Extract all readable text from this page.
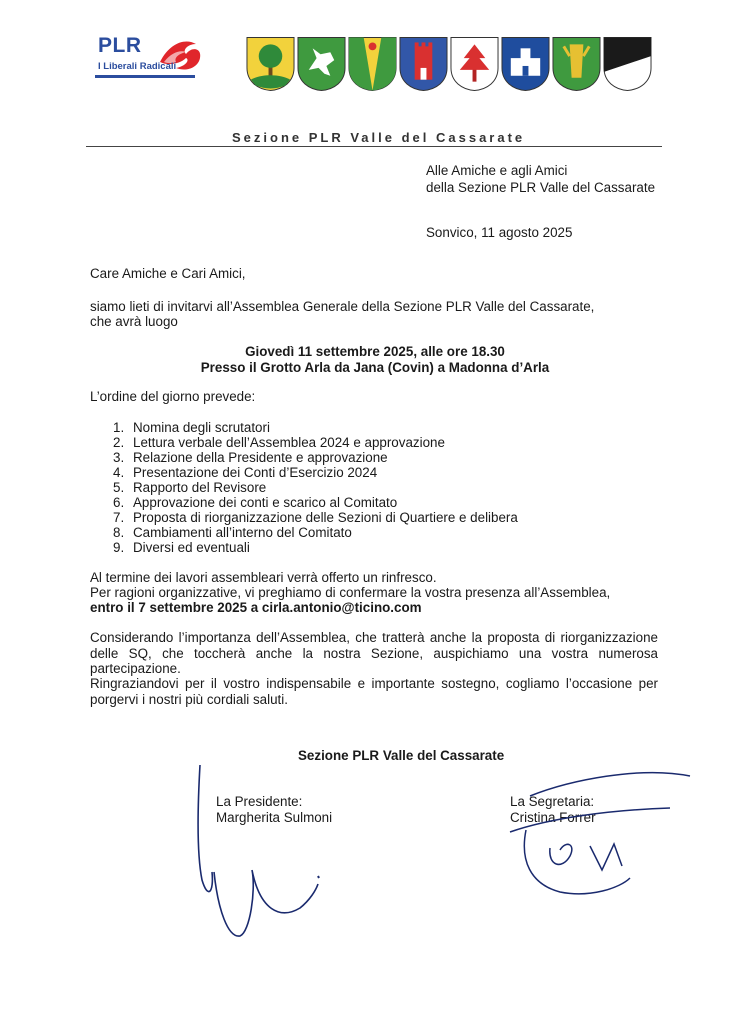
PLR
I Liberali Radicali
Sezione PLR Valle del Cassarate
Alle Amiche e agli Amici
della Sezione PLR Valle del Cassarate
Sonvico, 11 agosto 2025
Care Amiche e Cari Amici,
siamo lieti di invitarvi all’Assemblea Generale della Sezione PLR Valle del Cassarate,
che avrà luogo
Giovedì 11 settembre 2025, alle ore 18.30
Presso il Grotto Arla da Jana (Covin) a Madonna d’Arla
L’ordine del giorno prevede:
1. Nomina degli scrutatori
2. Lettura verbale dell’Assemblea 2024 e approvazione
3. Relazione della Presidente e approvazione
4. Presentazione dei Conti d’Esercizio 2024
5. Rapporto del Revisore
6. Approvazione dei conti e scarico al Comitato
7. Proposta di riorganizzazione delle Sezioni di Quartiere e delibera
8. Cambiamenti all’interno del Comitato
9. Diversi ed eventuali
Al termine dei lavori assembleari verrà offerto un rinfresco.
Per ragioni organizzative, vi preghiamo di confermare la vostra presenza all’Assemblea,
entro il 7 settembre 2025 a cirla.antonio@ticino.com
Considerando l’importanza dell’Assemblea, che tratterà anche la proposta di riorganizzazione delle SQ, che toccherà anche la nostra Sezione, auspichiamo una vostra numerosa partecipazione.
Ringraziandovi per il vostro indispensabile e importante sostegno, cogliamo l’occasione per porgervi i nostri più cordiali saluti.
Sezione PLR Valle del Cassarate
La Presidente:
Margherita Sulmoni
La Segretaria:
Cristina Forrer
